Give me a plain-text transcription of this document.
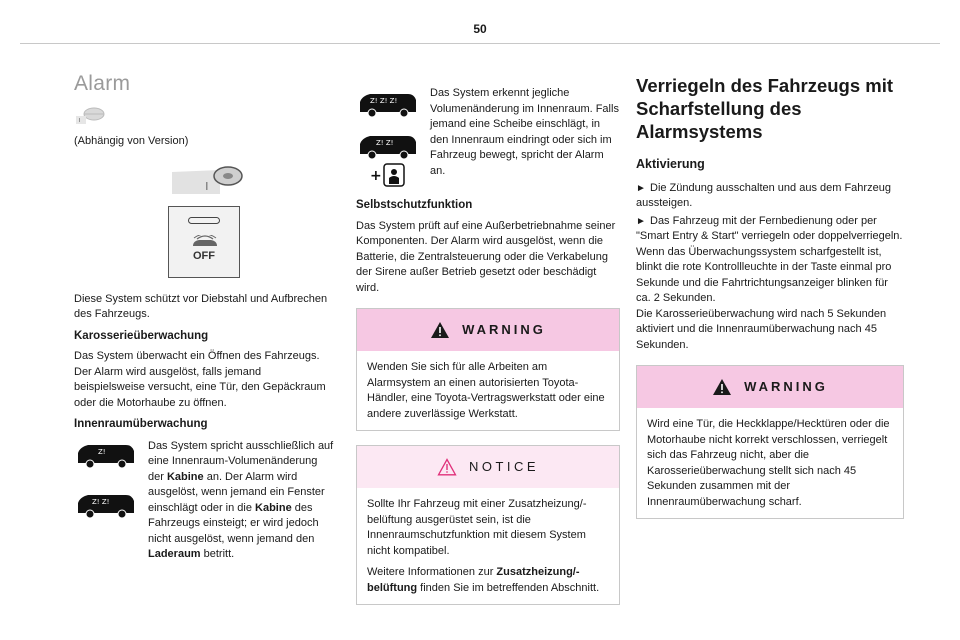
50
Alarm

(Abhängig von Version)

OFF

Diese System schützt vor Diebstahl und Aufbrechen des Fahrzeugs.

Karosserieüberwachung

Das System überwacht ein Öffnen des Fahrzeugs. Der Alarm wird ausgelöst, falls jemand beispielsweise versucht, eine Tür, den Gepäckraum oder die Motorhaube zu öffnen.

Innenraumüberwachung
Z!
Z! Z!
Das System spricht ausschließlich auf eine Innenraum-Volumenänderung der Kabine an. Der Alarm wird ausgelöst, wenn jemand ein Fenster einschlägt oder in die Kabine des Fahrzeugs einsteigt; er wird jedoch nicht ausgelöst, wenn jemand den Laderaum betritt.
Z! Z! Z!
Z! Z!
+
Das System erkennt jegliche Volumenänderung im Innenraum. Falls jemand eine Scheibe einschlägt, in den Innenraum eindringt oder sich im Fahrzeug bewegt, spricht der Alarm an.
Selbstschutzfunktion

Das System prüft auf eine Außerbetriebnahme seiner Komponenten. Der Alarm wird ausgelöst, wenn die Batterie, die Zentralsteuerung oder die Verkabelung der Sirene außer Betrieb gesetzt oder beschädigt wird.

WARNING
Wenden Sie sich für alle Arbeiten am Alarmsystem an einen autorisierten Toyota-Händler, eine Toyota-Vertragswerkstatt oder eine andere zuverlässige Werkstatt.
NOTICE

Sollte Ihr Fahrzeug mit einer Zusatzheizung/-belüftung ausgerüstet sein, ist die Innenraumschutzfunktion mit diesem System nicht kompatibel.

Weitere Informationen zur Zusatzheizung/-belüftung finden Sie im betreffenden Abschnitt.

Verriegeln des Fahrzeugs mit Scharfstellung des Alarmsystems
Aktivierung

► Die Zündung ausschalten und aus dem Fahrzeug aussteigen.

► Das Fahrzeug mit der Fernbedienung oder per "Smart Entry & Start" verriegeln oder doppelverriegeln.

Wenn das Überwachungssystem scharfgestellt ist, blinkt die rote Kontrollleuchte in der Taste einmal pro Sekunde und die Fahrtrichtungsanzeiger blinken für ca. 2 Sekunden.

Die Karosserieüberwachung wird nach 5 Sekunden aktiviert und die Innenraumüberwachung nach 45 Sekunden.

WARNING
Wird eine Tür, die Heckklappe/Hecktüren oder die Motorhaube nicht korrekt verschlossen, verriegelt sich das Fahrzeug nicht, aber die Karosserieüberwachung stellt sich nach 45 Sekunden zusammen mit der Innenraumüberwachung scharf.
